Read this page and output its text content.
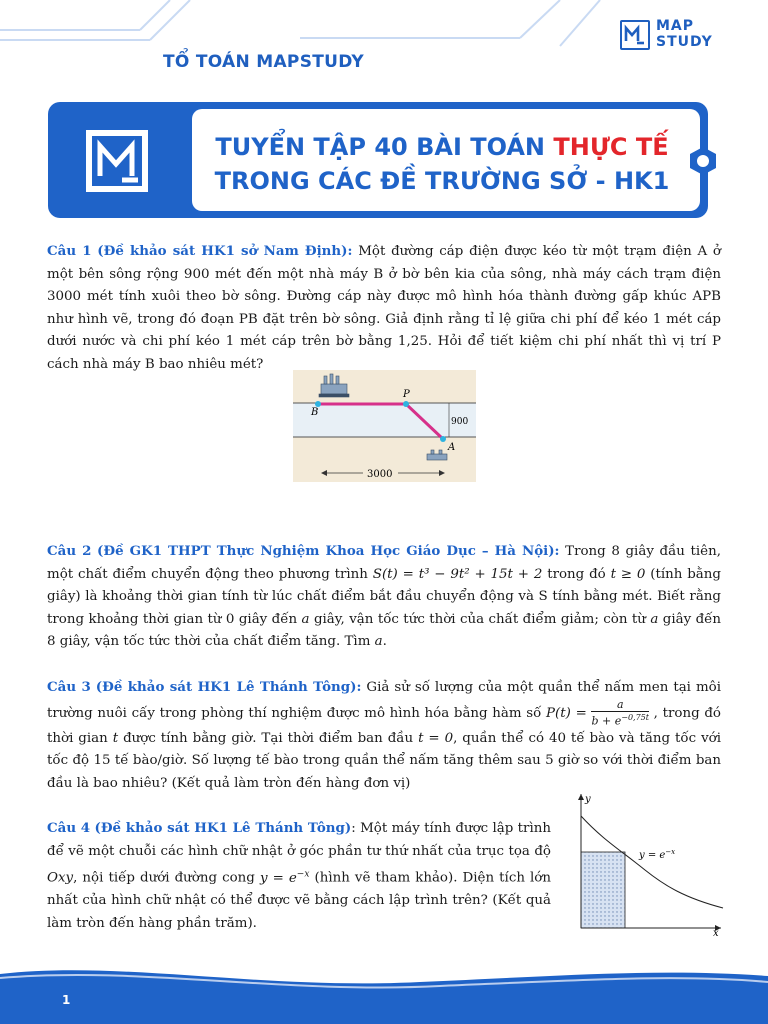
TỔ TOÁN MAPSTUDY
MAP
STUDY
TUYỂN TẬP 40 BÀI TOÁN THỰC TẾ
TRONG CÁC ĐỀ TRƯỜNG SỞ - HK1

Câu 1 (Đề khảo sát HK1 sở Nam Định): Một đường cáp điện được kéo từ một trạm điện A ở một bên sông rộng 900 mét đến một nhà máy B ở bờ bên kia của sông, nhà máy cách trạm điện 3000 mét tính xuôi theo bờ sông. Đường cáp này được mô hình hóa thành đường gấp khúc APB như hình vẽ, trong đó đoạn PB đặt trên bờ sông. Giả định rằng tỉ lệ giữa chi phí để kéo 1 mét cáp dưới nước và chi phí kéo 1 mét cáp trên bờ bằng 1,25. Hỏi để tiết kiệm chi phí nhất thì vị trí P cách nhà máy B bao nhiêu mét?

Câu 2 (Đề GK1 THPT Thực Nghiệm Khoa Học Giáo Dục – Hà Nội): Trong 8 giây đầu tiên, một chất điểm chuyển động theo phương trình S(t) = t³ − 9t² + 15t + 2 trong đó t ≥ 0 (tính bằng giây) là khoảng thời gian tính từ lúc chất điểm bắt đầu chuyển động và S tính bằng mét. Biết rằng trong khoảng thời gian từ 0 giây đến a giây, vận tốc tức thời của chất điểm giảm; còn từ a giây đến 8 giây, vận tốc tức thời của chất điểm tăng. Tìm a.

Câu 3 (Đề khảo sát HK1 Lê Thánh Tông): Giả sử số lượng của một quần thể nấm men tại môi trường nuôi cấy trong phòng thí nghiệm được mô hình hóa bằng hàm số $P(t) = \frac{a}{b + e^{-0,75t}}$ , trong đó thời gian t được tính bằng giờ. Tại thời điểm ban đầu t = 0, quần thể có 40 tế bào và tăng tốc với tốc độ 15 tế bào/giờ. Số lượng tế bào trong quần thể nấm tăng thêm sau 5 giờ so với thời điểm ban đầu là bao nhiêu? (Kết quả làm tròn đến hàng đơn vị)

Câu 4 (Đề khảo sát HK1 Lê Thánh Tông): Một máy tính được lập trình để vẽ một chuỗi các hình chữ nhật ở góc phần tư thứ nhất của trục tọa độ Oxy, nội tiếp dưới đường cong $y = e^{-x}$ (hình vẽ tham khảo). Diện tích lớn nhất của hình chữ nhật có thể được vẽ bằng cách lập trình trên? (Kết quả làm tròn đến hàng phần trăm).

B
P
A
900
3000
y
x
$y = e^{-x}$
1
